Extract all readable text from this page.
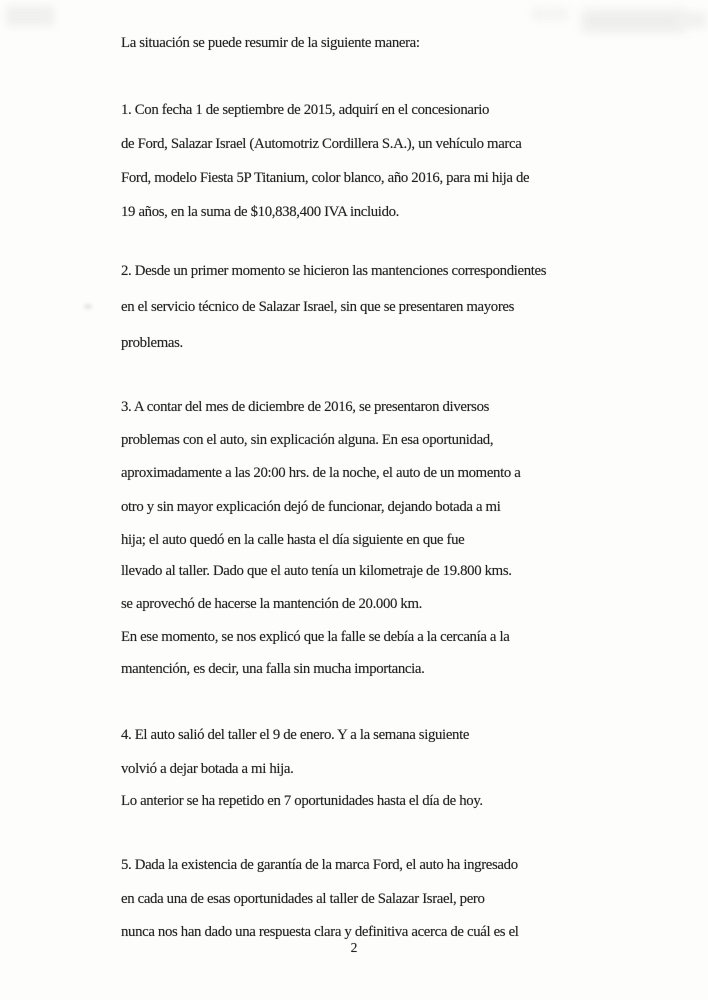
La situación se puede resumir de la siguiente manera:
1. Con fecha 1 de septiembre de 2015, adquirí en el concesionario
de Ford, Salazar Israel (Automotriz Cordillera S.A.), un vehículo marca
Ford, modelo Fiesta 5P Titanium, color blanco, año 2016, para mi hija de
19 años, en la suma de $10,838,400 IVA incluido.
2. Desde un primer momento se hicieron las mantenciones correspondientes
en el servicio técnico de Salazar Israel, sin que se presentaren mayores
problemas.
3. A contar del mes de diciembre de 2016, se presentaron diversos
problemas con el auto, sin explicación alguna. En esa oportunidad,
aproximadamente a las 20:00 hrs. de la noche, el auto de un momento a
otro y sin mayor explicación dejó de funcionar, dejando botada a mi
hija; el auto quedó en la calle hasta el día siguiente en que fue
llevado al taller. Dado que el auto tenía un kilometraje de 19.800 kms.
se aprovechó de hacerse la mantención de 20.000 km.
En ese momento, se nos explicó que la falle se debía a la cercanía a la
mantención, es decir, una falla sin mucha importancia.
4. El auto salió del taller el 9 de enero. Y a la semana siguiente
volvió a dejar botada a mi hija.
Lo anterior se ha repetido en 7 oportunidades hasta el día de hoy.
5. Dada la existencia de garantía de la marca Ford, el auto ha ingresado
en cada una de esas oportunidades al taller de Salazar Israel, pero
nunca nos han dado una respuesta clara y definitiva acerca de cuál es el
2
